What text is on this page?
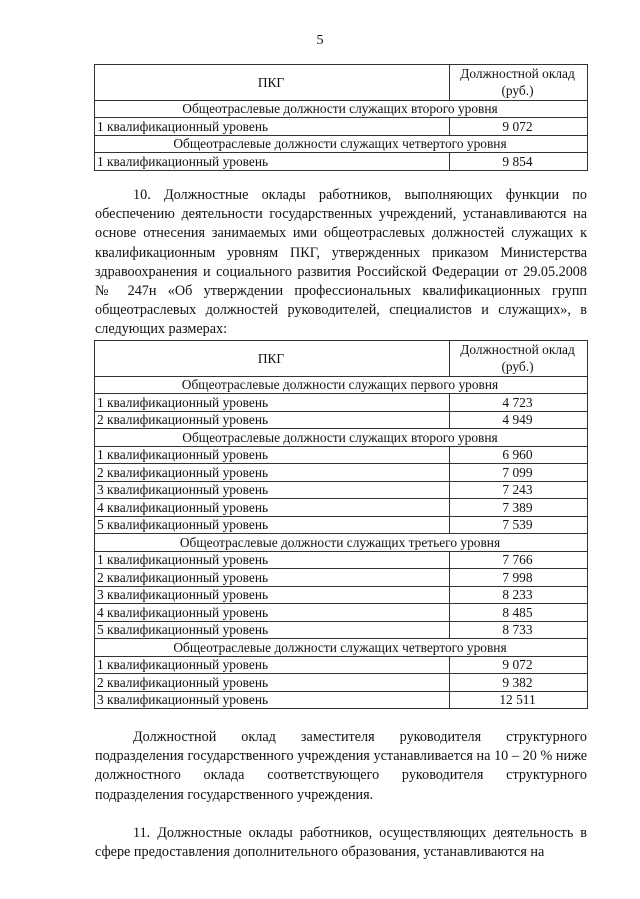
5
ПКГ	Должностной оклад (руб.)
Общеотраслевые должности служащих второго уровня	
1 квалификационный уровень	9 072
Общеотраслевые должности служащих четвертого уровня	
1 квалификационный уровень	9 854

10. Должностные оклады работников, выполняющих функции по обеспечению деятельности государственных учреждений, устанавливаются на основе отнесения занимаемых ими общеотраслевых должностей служащих к квалификационным уровням ПКГ, утвержденных приказом Министерства здравоохранения и социального развития Российской Федерации от 29.05.2008 № 247н «Об утверждении профессиональных квалификационных групп общеотраслевых должностей руководителей, специалистов и служащих», в следующих размерах:

ПКГ	Должностной оклад (руб.)
Общеотраслевые должности служащих первого уровня	
1 квалификационный уровень	4 723
2 квалификационный уровень	4 949
Общеотраслевые должности служащих второго уровня	
1 квалификационный уровень	6 960
2 квалификационный уровень	7 099
3 квалификационный уровень	7 243
4 квалификационный уровень	7 389
5 квалификационный уровень	7 539
Общеотраслевые должности служащих третьего уровня	
1 квалификационный уровень	7 766
2 квалификационный уровень	7 998
3 квалификационный уровень	8 233
4 квалификационный уровень	8 485
5 квалификационный уровень	8 733
Общеотраслевые должности служащих четвертого уровня	
1 квалификационный уровень	9 072
2 квалификационный уровень	9 382
3 квалификационный уровень	12 511

Должностной оклад заместителя руководителя структурного подразделения государственного учреждения устанавливается на 10 – 20 % ниже должностного оклада соответствующего руководителя структурного подразделения государственного учреждения.

11. Должностные оклады работников, осуществляющих деятельность в сфере предоставления дополнительного образования, устанавливаются на
